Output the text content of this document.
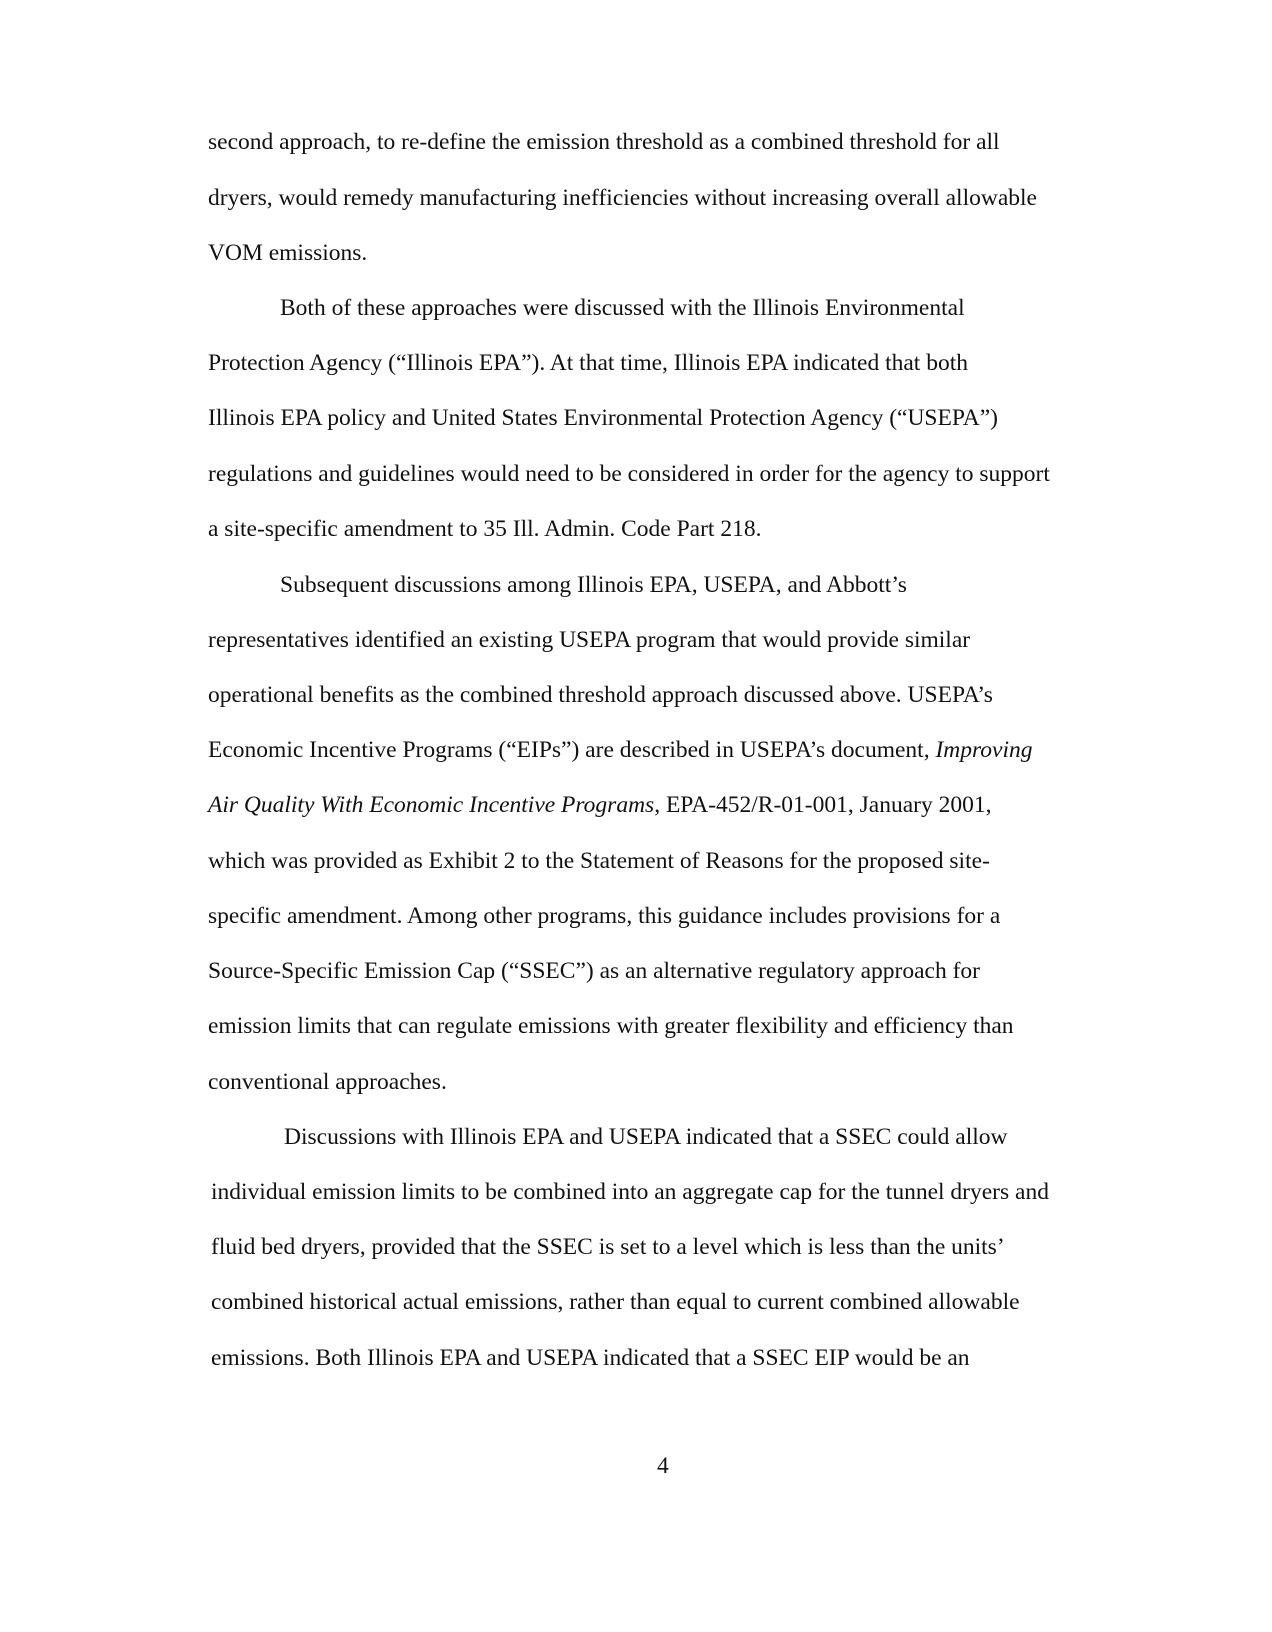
second approach, to re-define the emission threshold as a combined threshold for all
dryers, would remedy manufacturing inefficiencies without increasing overall allowable
VOM emissions.
Both of these approaches were discussed with the Illinois Environmental
Protection Agency (“Illinois EPA”). At that time, Illinois EPA indicated that both
Illinois EPA policy and United States Environmental Protection Agency (“USEPA”)
regulations and guidelines would need to be considered in order for the agency to support
a site-specific amendment to 35 Ill. Admin. Code Part 218.
Subsequent discussions among Illinois EPA, USEPA, and Abbott’s
representatives identified an existing USEPA program that would provide similar
operational benefits as the combined threshold approach discussed above. USEPA’s
Economic Incentive Programs (“EIPs”) are described in USEPA’s document, Improving
Air Quality With Economic Incentive Programs, EPA-452/R-01-001, January 2001,
which was provided as Exhibit 2 to the Statement of Reasons for the proposed site-
specific amendment. Among other programs, this guidance includes provisions for a
Source-Specific Emission Cap (“SSEC”) as an alternative regulatory approach for
emission limits that can regulate emissions with greater flexibility and efficiency than
conventional approaches.
Discussions with Illinois EPA and USEPA indicated that a SSEC could allow
individual emission limits to be combined into an aggregate cap for the tunnel dryers and
fluid bed dryers, provided that the SSEC is set to a level which is less than the units’
combined historical actual emissions, rather than equal to current combined allowable
emissions. Both Illinois EPA and USEPA indicated that a SSEC EIP would be an
4
